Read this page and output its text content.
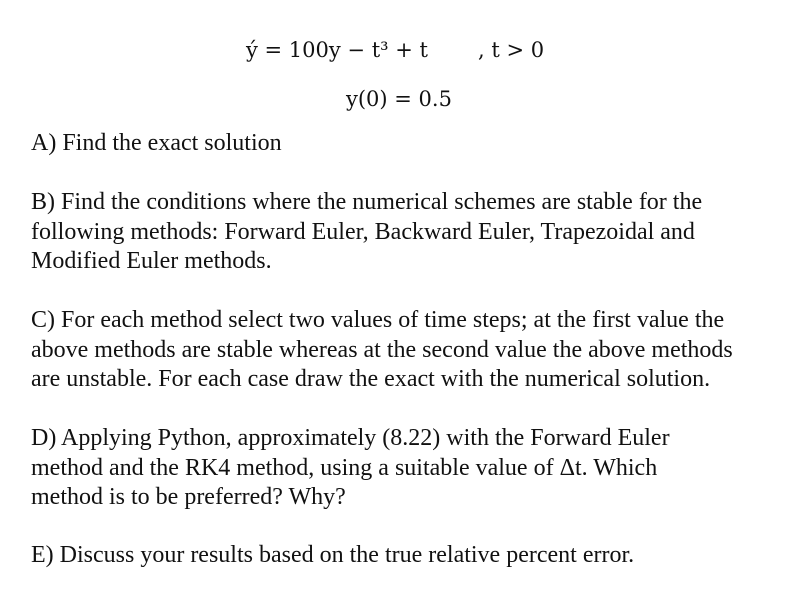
ý = 100y − t³ + t , t > 0
y(0) = 0.5
A) Find the exact solution
B) Find the conditions where the numerical schemes are stable for the
following methods: Forward Euler, Backward Euler, Trapezoidal and
Modified Euler methods.
C) For each method select two values of time steps; at the first value the
above methods are stable whereas at the second value the above methods
are unstable. For each case draw the exact with the numerical solution.
D) Applying Python, approximately (8.22) with the Forward Euler
method and the RK4 method, using a suitable value of Δt. Which
method is to be preferred? Why?
E) Discuss your results based on the true relative percent error.
